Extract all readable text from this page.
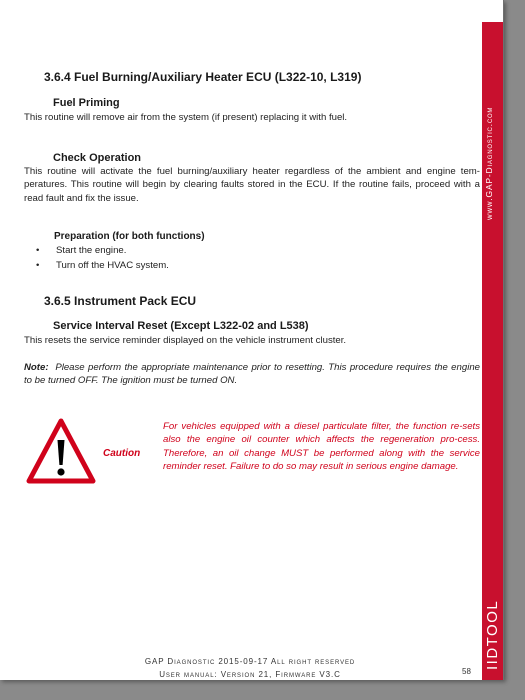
www.GAP-Diagnostic.com
IIDTOOL
3.6.4 Fuel Burning/Auxiliary Heater ECU (L322-10, L319)
Fuel Priming

This routine will remove air from the system (if present) replacing it with fuel.

Check Operation

This routine will activate the fuel burning/auxiliary heater regardless of the ambient and engine tem-peratures. This routine will begin by clearing faults stored in the ECU. If the routine fails, proceed with a read fault and fix the issue.

Preparation (for both functions)
• Start the engine.
• Turn off the HVAC system.
3.6.5 Instrument Pack ECU
Service Interval Reset (Except L322-02 and L538)

This resets the service reminder displayed on the vehicle instrument cluster.

Note: Please perform the appropriate maintenance prior to resetting. This procedure requires the engine to be turned OFF. The ignition must be turned ON.

Caution
For vehicles equipped with a diesel particulate filter, the function re-sets also the engine oil counter which affects the regeneration pro-cess. Therefore, an oil change MUST be performed along with the service reminder reset. Failure to do so may result in serious engine damage.
GAP Diagnostic 2015-09-17 All right reserved
User manual: Version 21, Firmware V3.C	58
